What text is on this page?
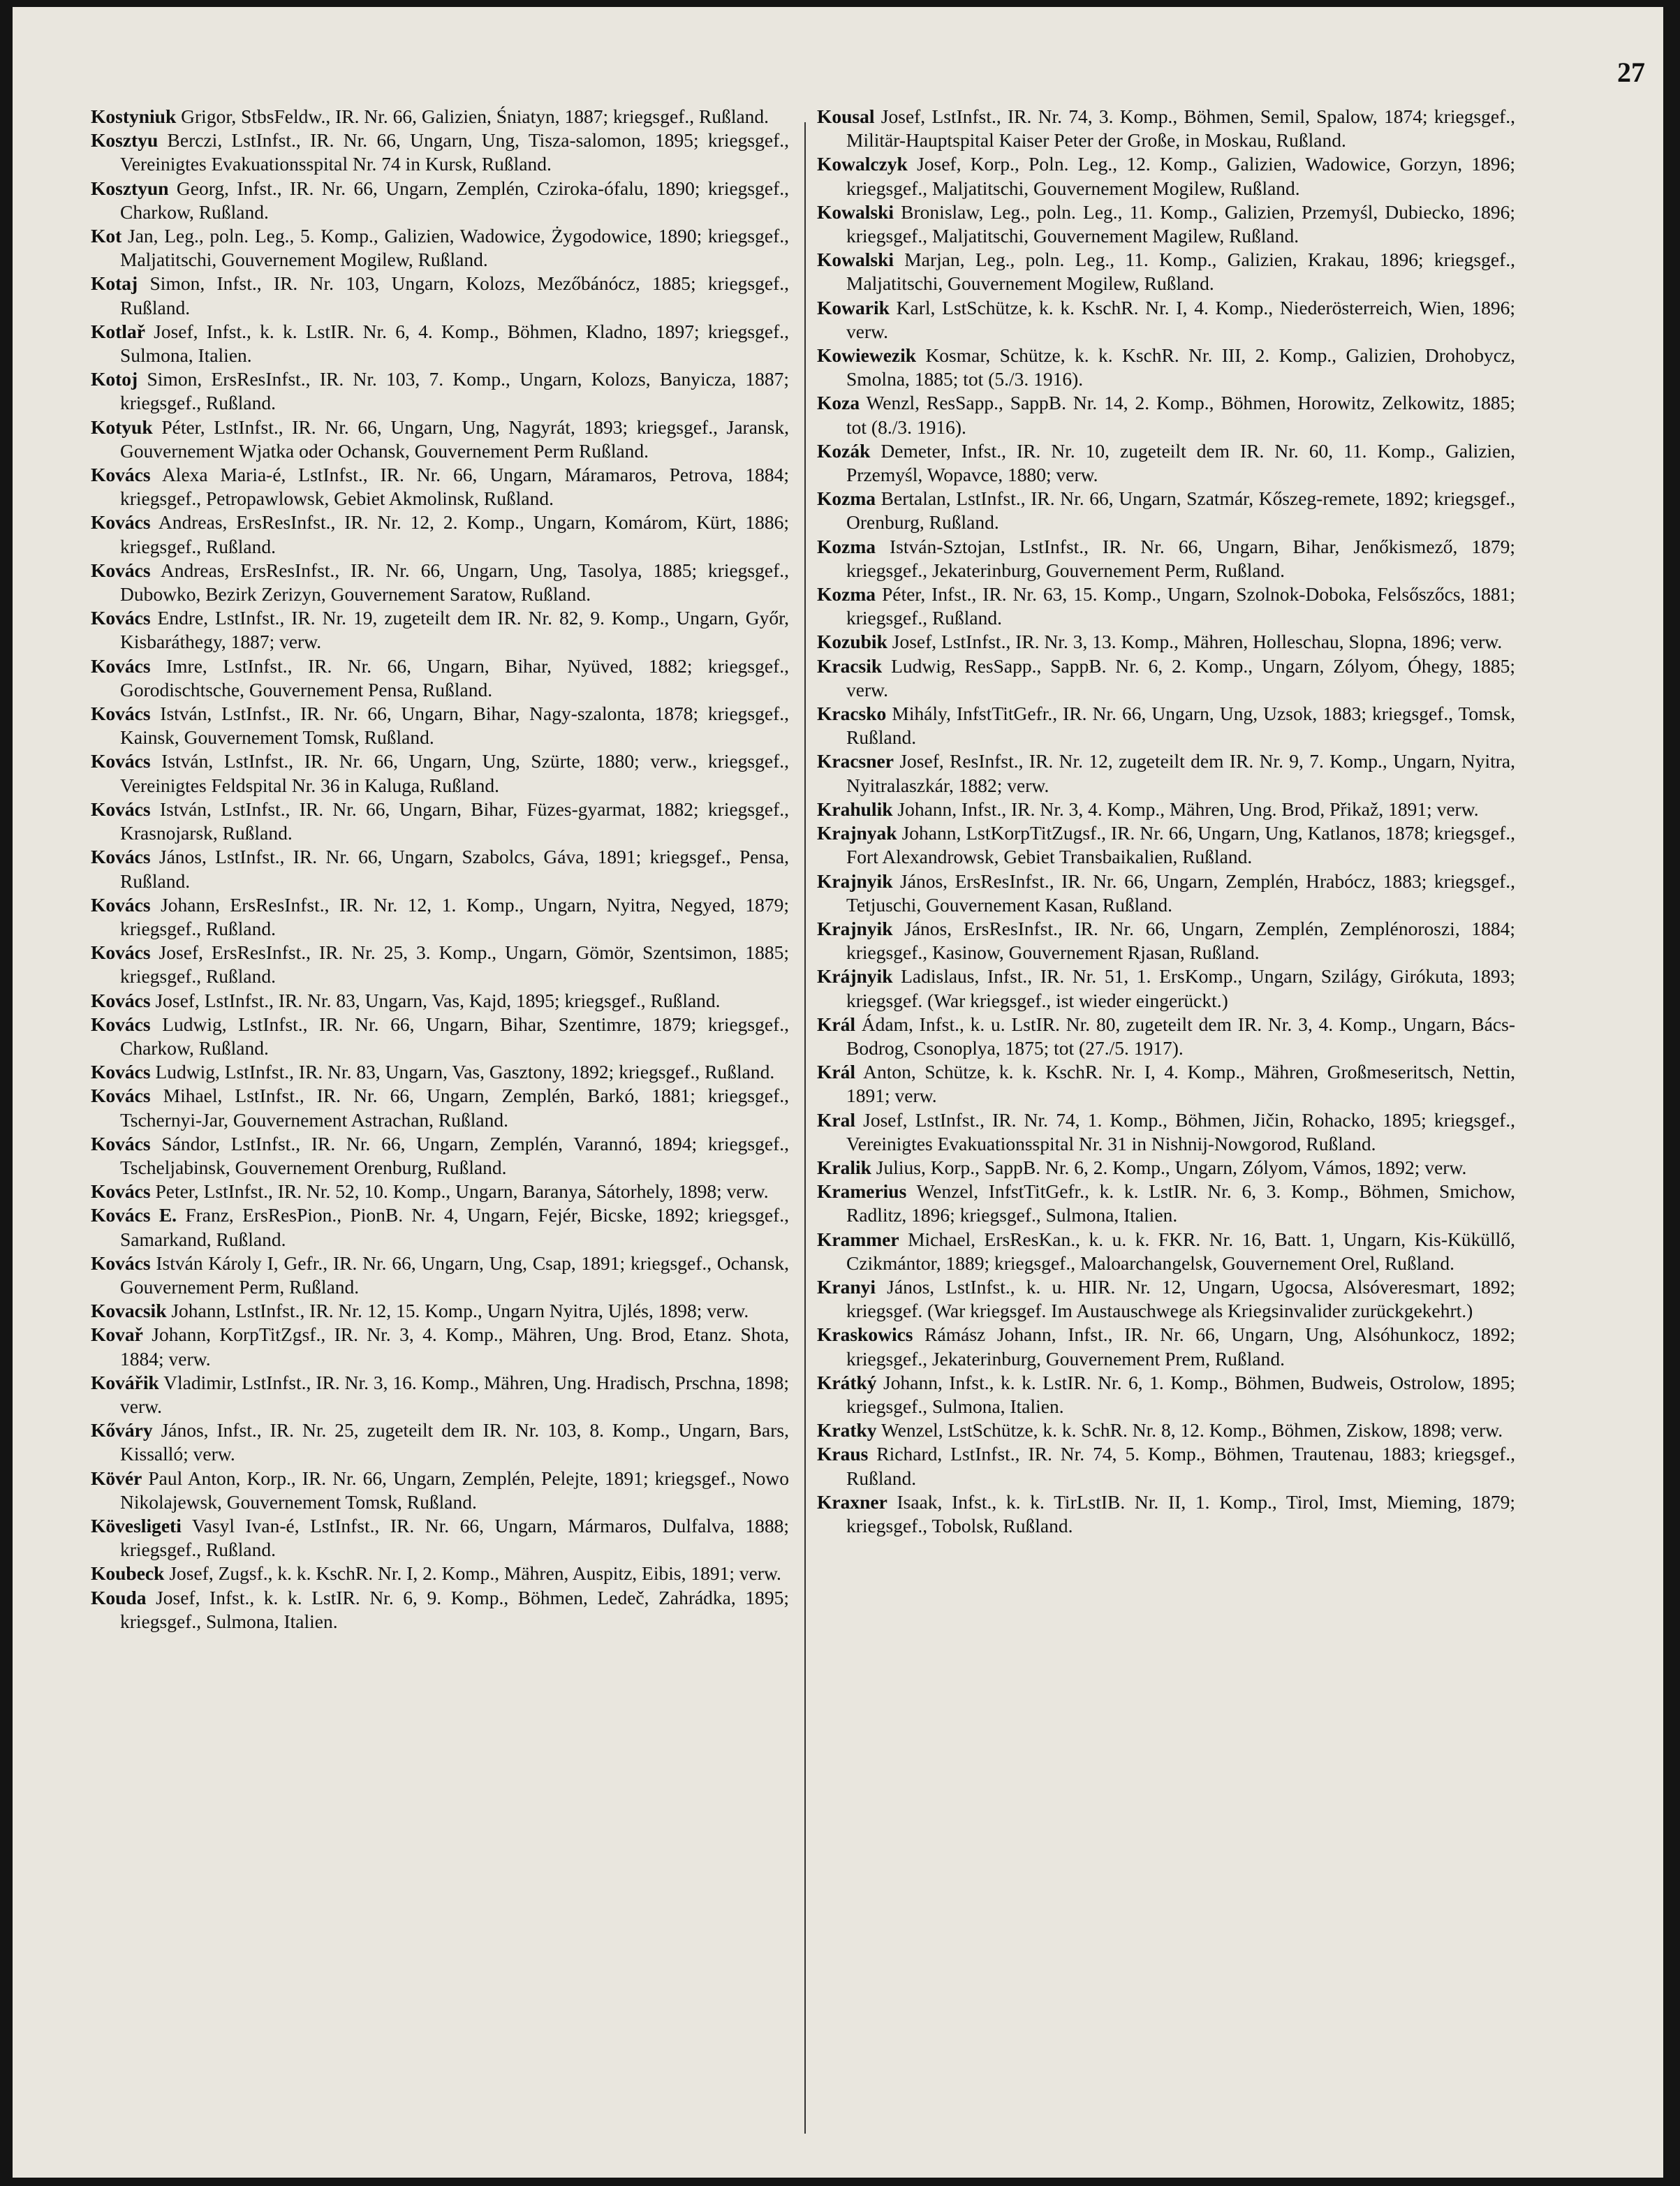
27

Kostyniuk Grigor, StbsFeldw., IR. Nr. 66, Galizien, Śniatyn, 1887; kriegsgef., Rußland.

Kosztyu Berczi, LstInfst., IR. Nr. 66, Ungarn, Ung, Tisza-salomon, 1895; kriegsgef., Vereinigtes Evakuationsspital Nr. 74 in Kursk, Rußland.

Kosztyun Georg, Infst., IR. Nr. 66, Ungarn, Zemplén, Cziroka-ófalu, 1890; kriegsgef., Charkow, Rußland.

Kot Jan, Leg., poln. Leg., 5. Komp., Galizien, Wadowice, Żygodowice, 1890; kriegsgef., Maljatitschi, Gouvernement Mogilew, Rußland.

Kotaj Simon, Infst., IR. Nr. 103, Ungarn, Kolozs, Mezőbánócz, 1885; kriegsgef., Rußland.

Kotlař Josef, Infst., k. k. LstIR. Nr. 6, 4. Komp., Böhmen, Kladno, 1897; kriegsgef., Sulmona, Italien.

Kotoj Simon, ErsResInfst., IR. Nr. 103, 7. Komp., Ungarn, Kolozs, Banyicza, 1887; kriegsgef., Rußland.

Kotyuk Péter, LstInfst., IR. Nr. 66, Ungarn, Ung, Nagyrát, 1893; kriegsgef., Jaransk, Gouvernement Wjatka oder Ochansk, Gouvernement Perm Rußland.

Kovács Alexa Maria-é, LstInfst., IR. Nr. 66, Ungarn, Máramaros, Petrova, 1884; kriegsgef., Petropawlowsk, Gebiet Akmolinsk, Rußland.

Kovács Andreas, ErsResInfst., IR. Nr. 12, 2. Komp., Ungarn, Komárom, Kürt, 1886; kriegsgef., Rußland.

Kovács Andreas, ErsResInfst., IR. Nr. 66, Ungarn, Ung, Tasolya, 1885; kriegsgef., Dubowko, Bezirk Zerizyn, Gouvernement Saratow, Rußland.

Kovács Endre, LstInfst., IR. Nr. 19, zugeteilt dem IR. Nr. 82, 9. Komp., Ungarn, Győr, Kisbaráthegy, 1887; verw.

Kovács Imre, LstInfst., IR. Nr. 66, Ungarn, Bihar, Nyüved, 1882; kriegsgef., Gorodischtsche, Gouvernement Pensa, Rußland.

Kovács István, LstInfst., IR. Nr. 66, Ungarn, Bihar, Nagy-szalonta, 1878; kriegsgef., Kainsk, Gouvernement Tomsk, Rußland.

Kovács István, LstInfst., IR. Nr. 66, Ungarn, Ung, Szürte, 1880; verw., kriegsgef., Vereinigtes Feldspital Nr. 36 in Kaluga, Rußland.

Kovács István, LstInfst., IR. Nr. 66, Ungarn, Bihar, Füzes-gyarmat, 1882; kriegsgef., Krasnojarsk, Rußland.

Kovács János, LstInfst., IR. Nr. 66, Ungarn, Szabolcs, Gáva, 1891; kriegsgef., Pensa, Rußland.

Kovács Johann, ErsResInfst., IR. Nr. 12, 1. Komp., Ungarn, Nyitra, Negyed, 1879; kriegsgef., Rußland.

Kovács Josef, ErsResInfst., IR. Nr. 25, 3. Komp., Ungarn, Gömör, Szentsimon, 1885; kriegsgef., Rußland.

Kovács Josef, LstInfst., IR. Nr. 83, Ungarn, Vas, Kajd, 1895; kriegsgef., Rußland.

Kovács Ludwig, LstInfst., IR. Nr. 66, Ungarn, Bihar, Szentimre, 1879; kriegsgef., Charkow, Rußland.

Kovács Ludwig, LstInfst., IR. Nr. 83, Ungarn, Vas, Gasztony, 1892; kriegsgef., Rußland.

Kovács Mihael, LstInfst., IR. Nr. 66, Ungarn, Zemplén, Barkó, 1881; kriegsgef., Tschernyi-Jar, Gouvernement Astrachan, Rußland.

Kovács Sándor, LstInfst., IR. Nr. 66, Ungarn, Zemplén, Varannó, 1894; kriegsgef., Tscheljabinsk, Gouvernement Orenburg, Rußland.

Kovács Peter, LstInfst., IR. Nr. 52, 10. Komp., Ungarn, Baranya, Sátorhely, 1898; verw.

Kovács E. Franz, ErsResPion., PionB. Nr. 4, Ungarn, Fejér, Bicske, 1892; kriegsgef., Samarkand, Rußland.

Kovács István Károly I, Gefr., IR. Nr. 66, Ungarn, Ung, Csap, 1891; kriegsgef., Ochansk, Gouvernement Perm, Rußland.

Kovacsik Johann, LstInfst., IR. Nr. 12, 15. Komp., Ungarn Nyitra, Ujlés, 1898; verw.

Kovař Johann, KorpTitZgsf., IR. Nr. 3, 4. Komp., Mähren, Ung. Brod, Etanz. Shota, 1884; verw.

Kovářik Vladimir, LstInfst., IR. Nr. 3, 16. Komp., Mähren, Ung. Hradisch, Prschna, 1898; verw.

Kőváry János, Infst., IR. Nr. 25, zugeteilt dem IR. Nr. 103, 8. Komp., Ungarn, Bars, Kissalló; verw.

Kövér Paul Anton, Korp., IR. Nr. 66, Ungarn, Zemplén, Pelejte, 1891; kriegsgef., Nowo Nikolajewsk, Gouvernement Tomsk, Rußland.

Kövesligeti Vasyl Ivan-é, LstInfst., IR. Nr. 66, Ungarn, Mármaros, Dulfalva, 1888; kriegsgef., Rußland.

Koubeck Josef, Zugsf., k. k. KschR. Nr. I, 2. Komp., Mähren, Auspitz, Eibis, 1891; verw.

Kouda Josef, Infst., k. k. LstIR. Nr. 6, 9. Komp., Böhmen, Ledeč, Zahrádka, 1895; kriegsgef., Sulmona, Italien.

Kousal Josef, LstInfst., IR. Nr. 74, 3. Komp., Böhmen, Semil, Spalow, 1874; kriegsgef., Militär-Hauptspital Kaiser Peter der Große, in Moskau, Rußland.

Kowalczyk Josef, Korp., Poln. Leg., 12. Komp., Galizien, Wadowice, Gorzyn, 1896; kriegsgef., Maljatitschi, Gouvernement Mogilew, Rußland.

Kowalski Bronislaw, Leg., poln. Leg., 11. Komp., Galizien, Przemyśl, Dubiecko, 1896; kriegsgef., Maljatitschi, Gouvernement Magilew, Rußland.

Kowalski Marjan, Leg., poln. Leg., 11. Komp., Galizien, Krakau, 1896; kriegsgef., Maljatitschi, Gouvernement Mogilew, Rußland.

Kowarik Karl, LstSchütze, k. k. KschR. Nr. I, 4. Komp., Niederösterreich, Wien, 1896; verw.

Kowiewezik Kosmar, Schütze, k. k. KschR. Nr. III, 2. Komp., Galizien, Drohobycz, Smolna, 1885; tot (5./3. 1916).

Koza Wenzl, ResSapp., SappB. Nr. 14, 2. Komp., Böhmen, Horowitz, Zelkowitz, 1885; tot (8./3. 1916).

Kozák Demeter, Infst., IR. Nr. 10, zugeteilt dem IR. Nr. 60, 11. Komp., Galizien, Przemyśl, Wopavce, 1880; verw.

Kozma Bertalan, LstInfst., IR. Nr. 66, Ungarn, Szatmár, Kőszeg-remete, 1892; kriegsgef., Orenburg, Rußland.

Kozma István-Sztojan, LstInfst., IR. Nr. 66, Ungarn, Bihar, Jenőkismező, 1879; kriegsgef., Jekaterinburg, Gouvernement Perm, Rußland.

Kozma Péter, Infst., IR. Nr. 63, 15. Komp., Ungarn, Szolnok-Doboka, Felsőszőcs, 1881; kriegsgef., Rußland.

Kozubik Josef, LstInfst., IR. Nr. 3, 13. Komp., Mähren, Holleschau, Slopna, 1896; verw.

Kracsik Ludwig, ResSapp., SappB. Nr. 6, 2. Komp., Ungarn, Zólyom, Óhegy, 1885; verw.

Kracsko Mihály, InfstTitGefr., IR. Nr. 66, Ungarn, Ung, Uzsok, 1883; kriegsgef., Tomsk, Rußland.

Kracsner Josef, ResInfst., IR. Nr. 12, zugeteilt dem IR. Nr. 9, 7. Komp., Ungarn, Nyitra, Nyitralaszkár, 1882; verw.

Krahulik Johann, Infst., IR. Nr. 3, 4. Komp., Mähren, Ung. Brod, Přikaž, 1891; verw.

Krajnyak Johann, LstKorpTitZugsf., IR. Nr. 66, Ungarn, Ung, Katlanos, 1878; kriegsgef., Fort Alexandrowsk, Gebiet Transbaikalien, Rußland.

Krajnyik János, ErsResInfst., IR. Nr. 66, Ungarn, Zemplén, Hrabócz, 1883; kriegsgef., Tetjuschi, Gouvernement Kasan, Rußland.

Krajnyik János, ErsResInfst., IR. Nr. 66, Ungarn, Zemplén, Zemplénoroszi, 1884; kriegsgef., Kasinow, Gouvernement Rjasan, Rußland.

Krájnyik Ladislaus, Infst., IR. Nr. 51, 1. ErsKomp., Ungarn, Szilágy, Girókuta, 1893; kriegsgef. (War kriegsgef., ist wieder eingerückt.)

Král Ádam, Infst., k. u. LstIR. Nr. 80, zugeteilt dem IR. Nr. 3, 4. Komp., Ungarn, Bács-Bodrog, Csonoplya, 1875; tot (27./5. 1917).

Král Anton, Schütze, k. k. KschR. Nr. I, 4. Komp., Mähren, Großmeseritsch, Nettin, 1891; verw.

Kral Josef, LstInfst., IR. Nr. 74, 1. Komp., Böhmen, Jičin, Rohacko, 1895; kriegsgef., Vereinigtes Evakuationsspital Nr. 31 in Nishnij-Nowgorod, Rußland.

Kralik Julius, Korp., SappB. Nr. 6, 2. Komp., Ungarn, Zólyom, Vámos, 1892; verw.

Kramerius Wenzel, InfstTitGefr., k. k. LstIR. Nr. 6, 3. Komp., Böhmen, Smichow, Radlitz, 1896; kriegsgef., Sulmona, Italien.

Krammer Michael, ErsResKan., k. u. k. FKR. Nr. 16, Batt. 1, Ungarn, Kis-Küküllő, Czikmántor, 1889; kriegsgef., Maloarchangelsk, Gouvernement Orel, Rußland.

Kranyi János, LstInfst., k. u. HIR. Nr. 12, Ungarn, Ugocsa, Alsóveresmart, 1892; kriegsgef. (War kriegsgef. Im Austauschwege als Kriegsinvalider zurückgekehrt.)

Kraskowics Rámász Johann, Infst., IR. Nr. 66, Ungarn, Ung, Alsóhunkocz, 1892; kriegsgef., Jekaterinburg, Gouvernement Prem, Rußland.

Krátký Johann, Infst., k. k. LstIR. Nr. 6, 1. Komp., Böhmen, Budweis, Ostrolow, 1895; kriegsgef., Sulmona, Italien.

Kratky Wenzel, LstSchütze, k. k. SchR. Nr. 8, 12. Komp., Böhmen, Ziskow, 1898; verw.

Kraus Richard, LstInfst., IR. Nr. 74, 5. Komp., Böhmen, Trautenau, 1883; kriegsgef., Rußland.

Kraxner Isaak, Infst., k. k. TirLstIB. Nr. II, 1. Komp., Tirol, Imst, Mieming, 1879; kriegsgef., Tobolsk, Rußland.
